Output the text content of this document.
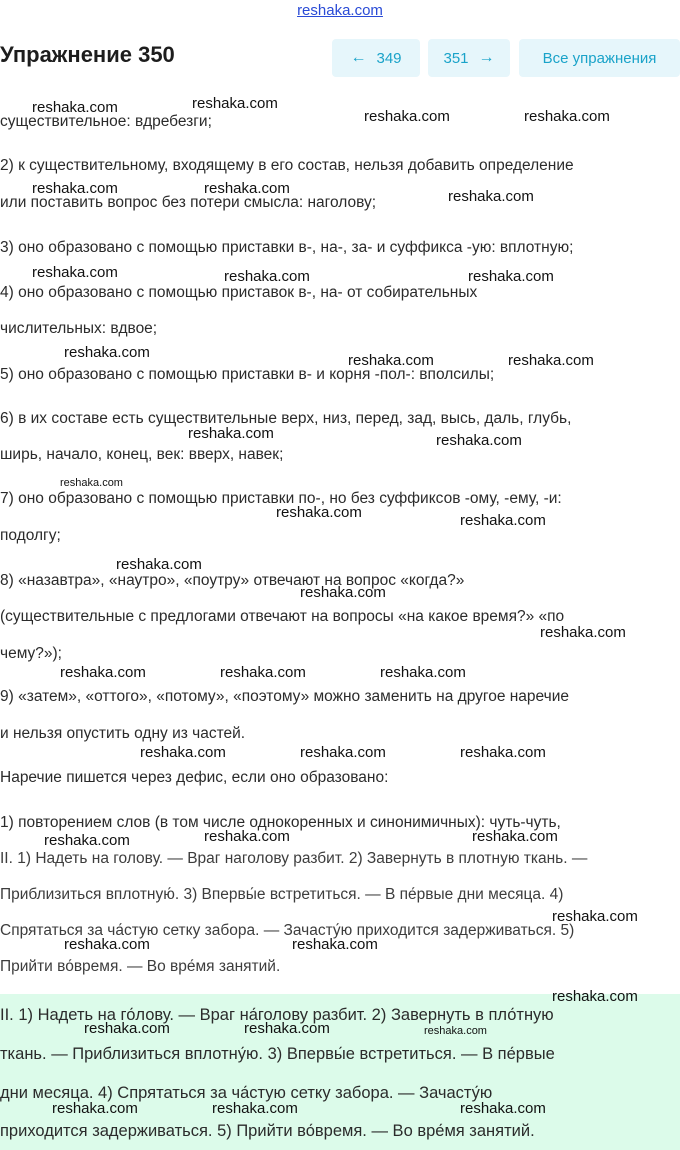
reshaka.com
Упражнение 350	← 349	351 →	Все упражнения
существительное: вдребезги;
2) к существительному, входящему в его состав, нельзя добавить определение
или поставить вопрос без потери смысла: наголову;
3) оно образовано с помощью приставки в-, на-, за- и суффикса -ую: вплотную;
4) оно образовано с помощью приставок в-, на- от собирательных
числительных: вдвое;
5) оно образовано с помощью приставки в- и корня -пол-: вполсилы;
6) в их составе есть существительные верх, низ, перед, зад, высь, даль, глубь,
ширь, начало, конец, век: вверх, навек;
7) оно образовано с помощью приставки по-, но без суффиксов -ому, -ему, -и:
подолгу;
8) «назавтра», «наутро», «поутру» отвечают на вопрос «когда?»
(существительные с предлогами отвечают на вопросы «на какое время?» «по
чему?»);
9) «затем», «оттого», «потому», «поэтому» можно заменить на другое наречие
и нельзя опустить одну из частей.
Наречие пишется через дефис, если оно образовано:
1) повторением слов (в том числе однокоренных и синонимичных): чуть-чуть,
II. 1) Надеть на голову. — Враг наголову разбит. 2) Завернуть в плотную ткань. —
Приблизиться вплотную́. 3) Впервы́е встретиться. — В пе́рвые дни месяца. 4)
Спрятаться за ча́стую сетку забора. — Зачасту́ю приходится задерживаться. 5)
Прийти во́время. — Во вре́мя занятий.
II. 1) Надеть на го́лову. — Враг на́голову разбит. 2) Завернуть в пло́тную
ткань. — Приблизиться вплотну́ю. 3) Впервы́е встретиться. — В пе́рвые
дни месяца. 4) Спрятаться за ча́стую сетку забора. — Зачасту́ю
приходится задерживаться. 5) Прийти во́время. — Во вре́мя занятий.
reshaka.com	reshaka.com
reshaka.com	reshaka.com
reshaka.com	reshaka.com	reshaka.com
reshaka.com	reshaka.com	reshaka.com
reshaka.com	reshaka.com	reshaka.com
reshaka.com	reshaka.com
reshaka.com
reshaka.com	reshaka.com
reshaka.com
reshaka.com
reshaka.com
reshaka.com	reshaka.com	reshaka.com
reshaka.com	reshaka.com	reshaka.com
reshaka.com	reshaka.com	reshaka.com
reshaka.com
reshaka.com	reshaka.com
reshaka.com
reshaka.com	reshaka.com	reshaka.com
reshaka.com	reshaka.com	reshaka.com
